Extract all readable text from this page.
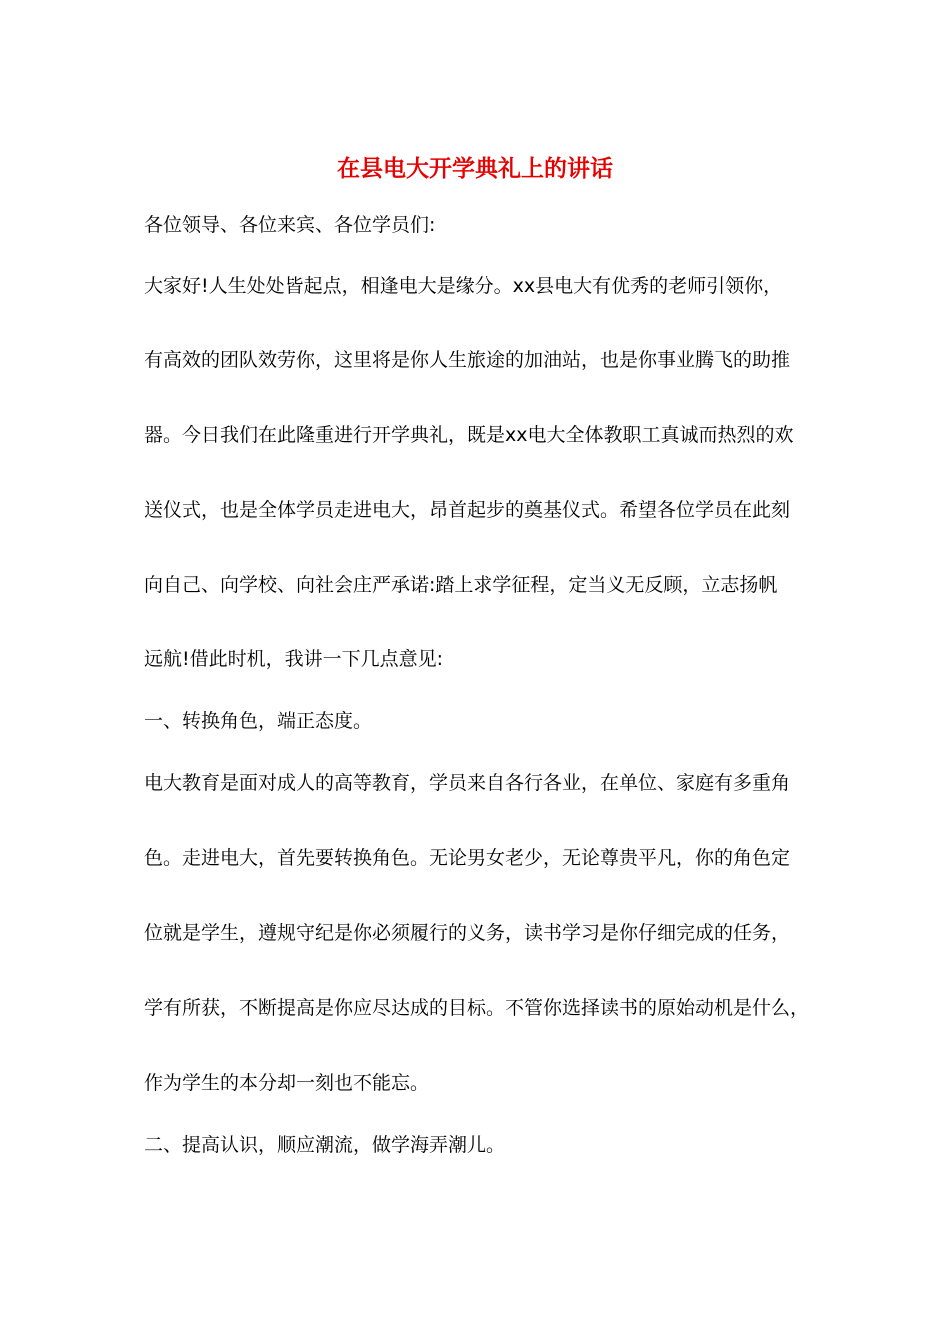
在县电大开学典礼上的讲话
各位领导、各位来宾、各位学员们:
大家好!人生处处皆起点，相逢电大是缘分。xx县电大有优秀的老师引领你，
有高效的团队效劳你，这里将是你人生旅途的加油站，也是你事业腾飞的助推
器。今日我们在此隆重进行开学典礼，既是xx电大全体教职工真诚而热烈的欢
送仪式，也是全体学员走进电大，昂首起步的奠基仪式。希望各位学员在此刻
向自己、向学校、向社会庄严承诺:踏上求学征程，定当义无反顾，立志扬帆
远航!借此时机，我讲一下几点意见:
一、转换角色，端正态度。
电大教育是面对成人的高等教育，学员来自各行各业，在单位、家庭有多重角
色。走进电大，首先要转换角色。无论男女老少，无论尊贵平凡，你的角色定
位就是学生，遵规守纪是你必须履行的义务，读书学习是你仔细完成的任务，
学有所获，不断提高是你应尽达成的目标。不管你选择读书的原始动机是什么，
作为学生的本分却一刻也不能忘。
二、提高认识，顺应潮流，做学海弄潮儿。
